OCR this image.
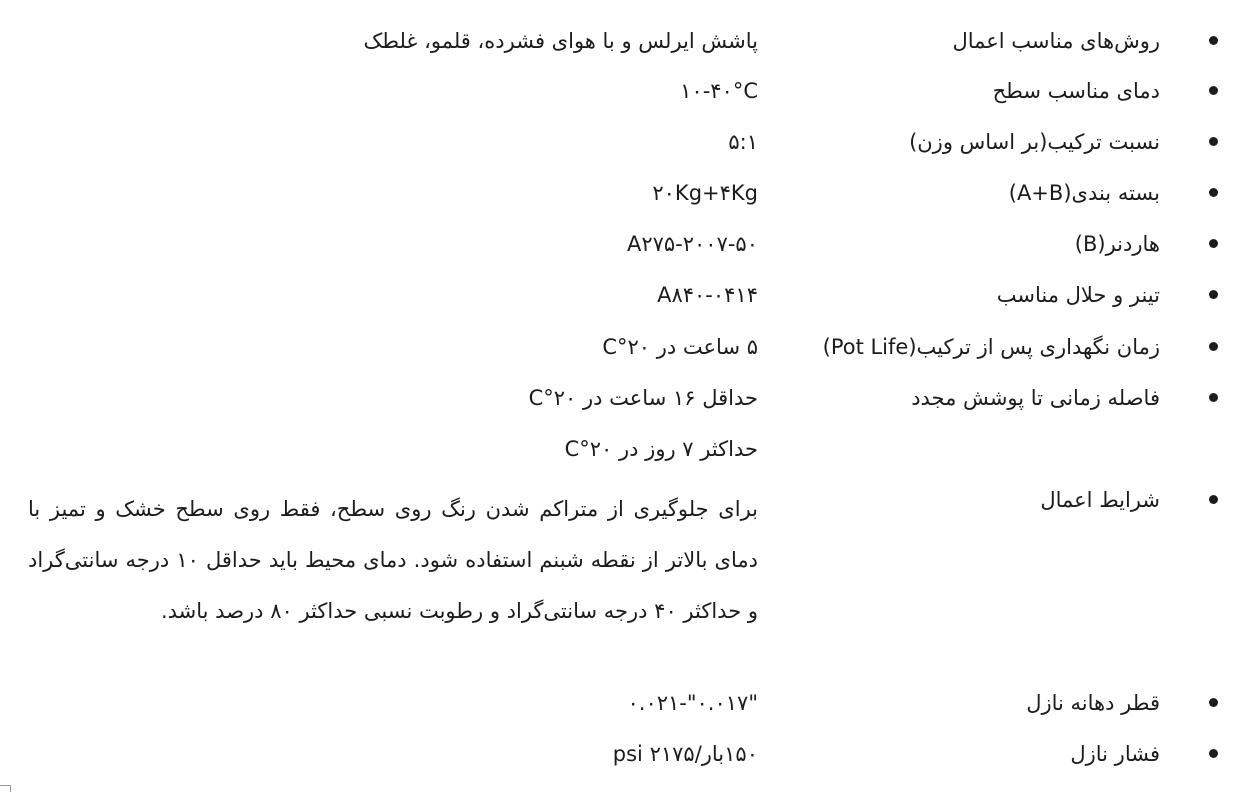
روش‌های مناسب اعمال
پاشش ایرلس و با هوای فشرده، قلمو، غلطک
دمای مناسب سطح
۱۰-۴۰°C
نسبت ترکیب(بر اساس وزن)
۵:۱
بسته بندی(A+B)
۲۰Kg+۴Kg
هاردنر(B)
A۲۷۵-۲۰۰۷-۵۰
تینر و حلال مناسب
A۸۴۰-۰۴۱۴
زمان نگهداری پس از ترکیب(Pot Life)
۵ ساعت در ۲۰°C
فاصله زمانی تا پوشش مجدد
حداقل ۱۶ ساعت در ۲۰°C
حداکثر ۷ روز در ۲۰°C
شرایط اعمال
برای جلوگیری از متراکم شدن رنگ روی سطح، فقط روی سطح خشک و تمیز با دمای بالاتر از نقطه شبنم استفاده شود. دمای محیط باید حداقل ۱۰ درجه سانتی‌گراد و حداکثر ۴۰ درجه سانتی‌گراد و رطوبت نسبی حداکثر ۸۰ درصد باشد.
قطر دهانه نازل
"۰.۰۱۷"-۰.۰۲۱
فشار نازل
۱۵۰بار/۲۱۷۵ psi
